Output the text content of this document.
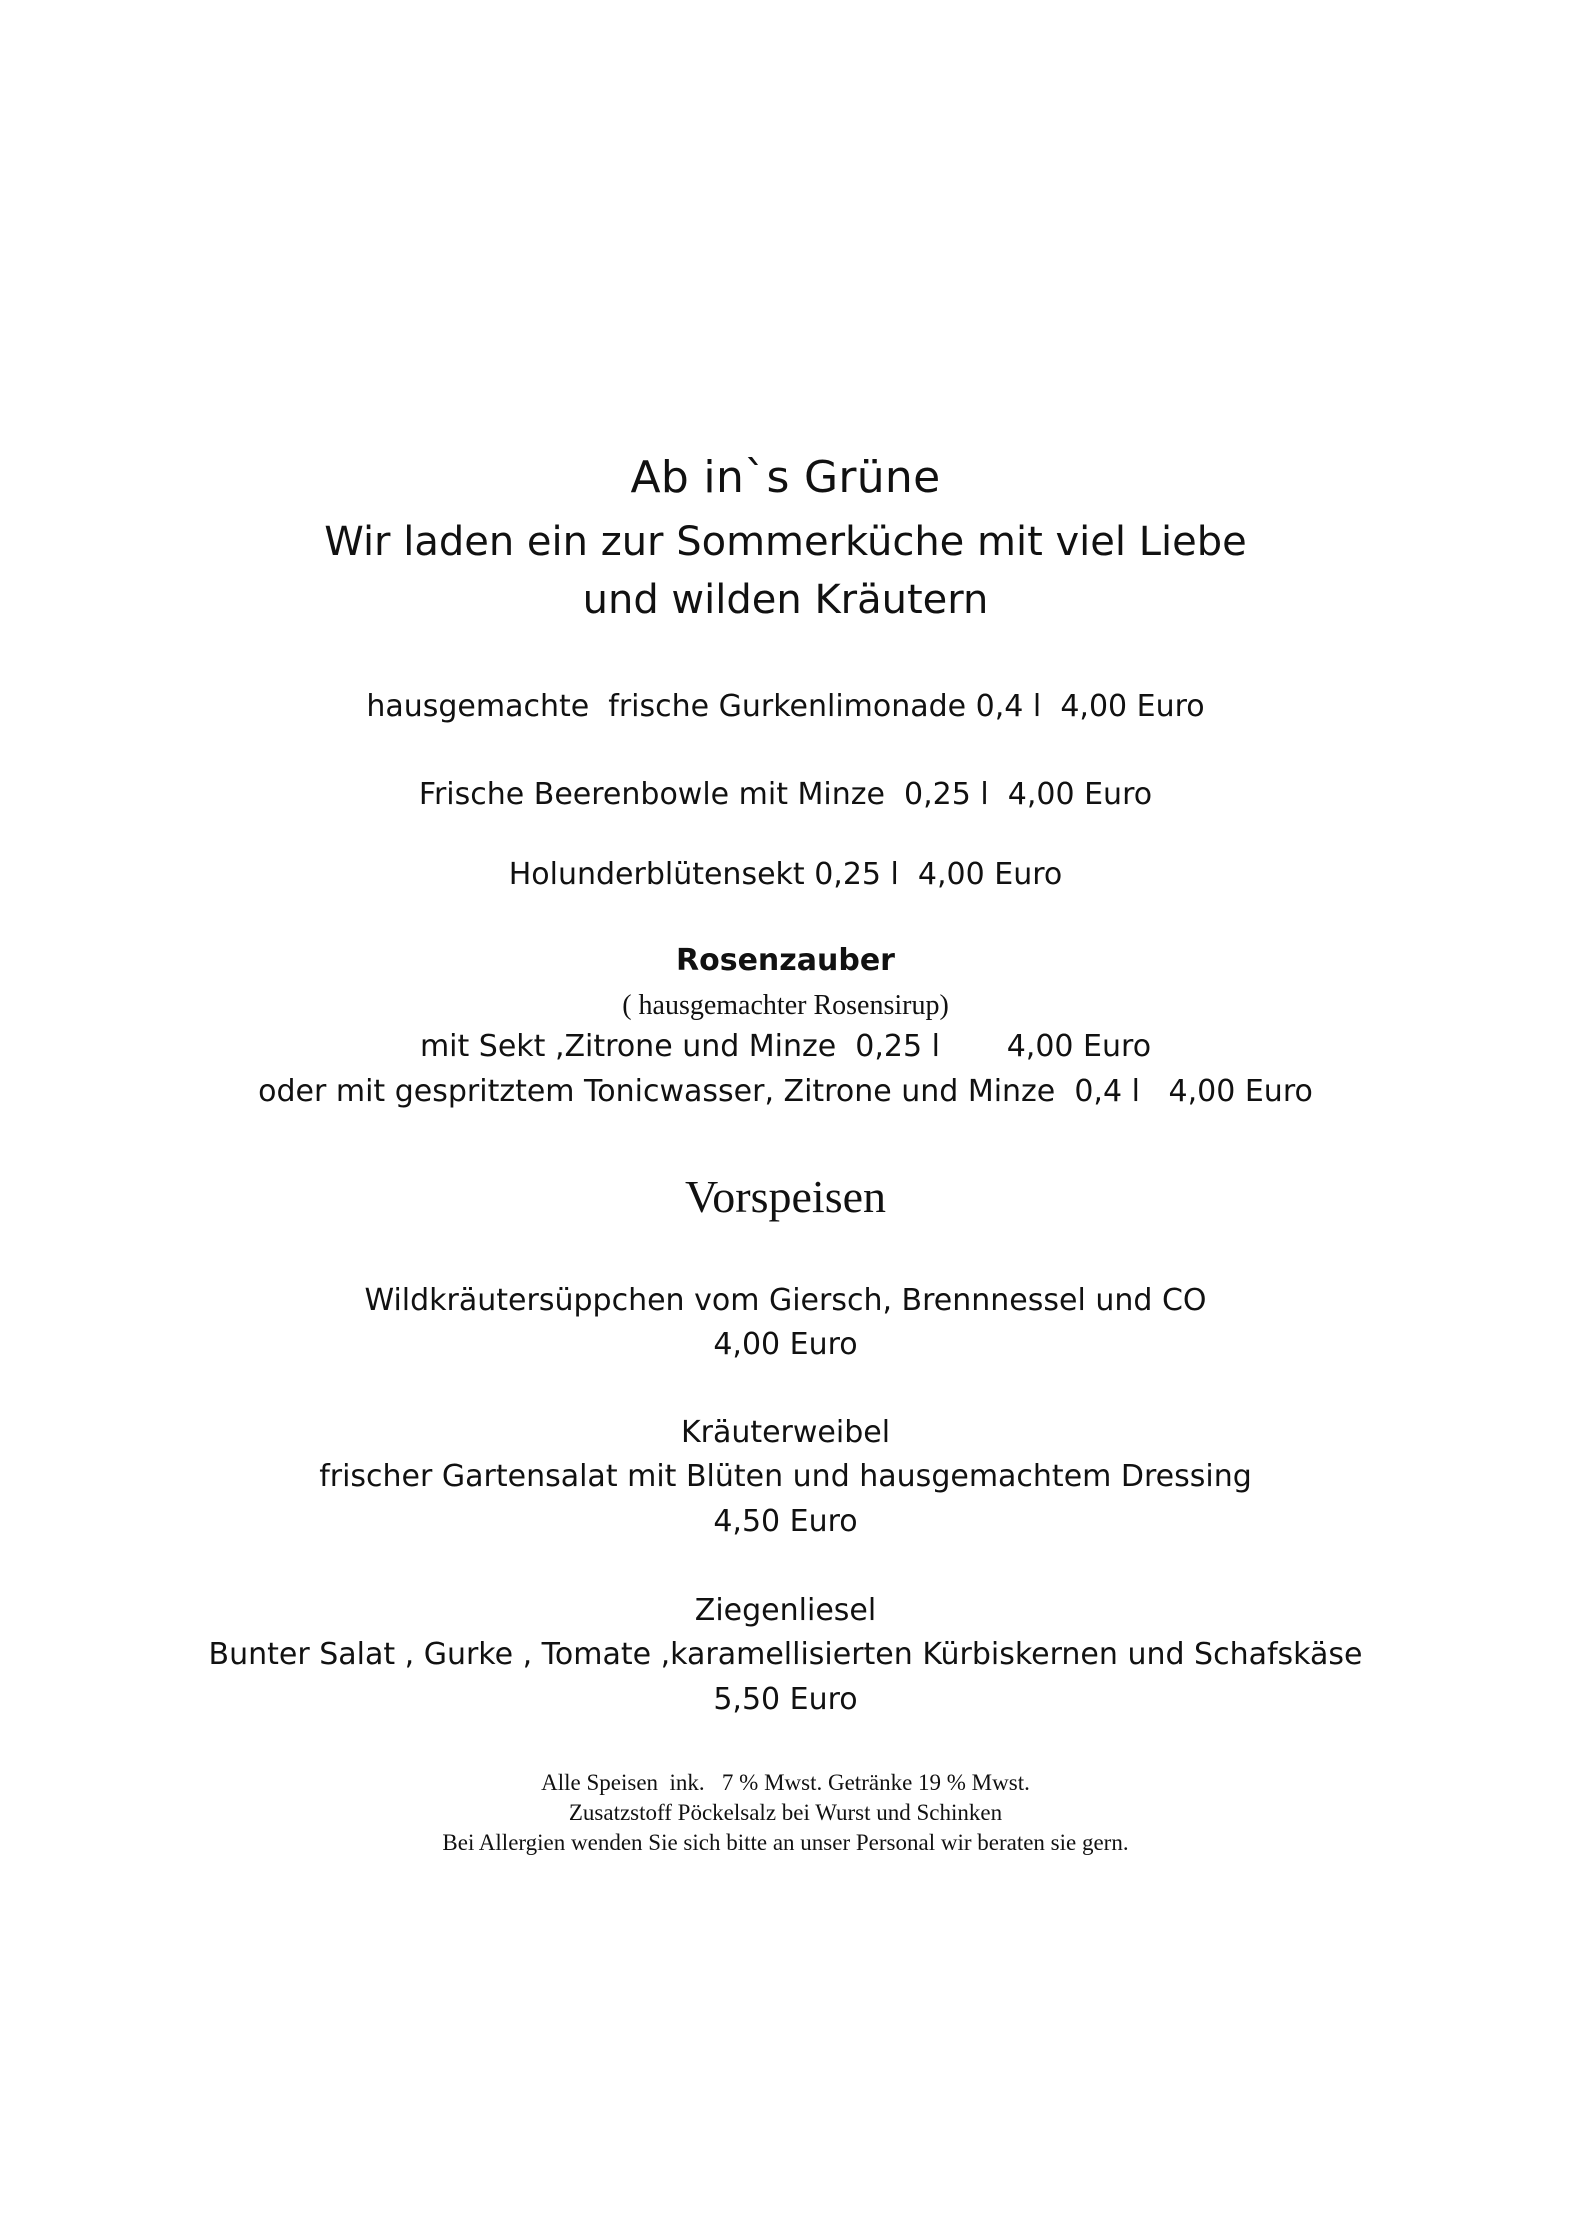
Ab in`s Grüne
Wir laden ein zur Sommerküche mit viel Liebe
und wilden Kräutern
hausgemachte  frische Gurkenlimonade 0,4 l  4,00 Euro
Frische Beerenbowle mit Minze  0,25 l  4,00 Euro
Holunderblütensekt 0,25 l  4,00 Euro
Rosenzauber
( hausgemachter Rosensirup)
mit Sekt ,Zitrone und Minze  0,25 l       4,00 Euro
oder mit gespritztem Tonicwasser, Zitrone und Minze  0,4 l   4,00 Euro
Vorspeisen
Wildkräutersüppchen vom Giersch, Brennnessel und CO
4,00 Euro
Kräuterweibel
frischer Gartensalat mit Blüten und hausgemachtem Dressing
4,50 Euro
Ziegenliesel
Bunter Salat , Gurke , Tomate ,karamellisierten Kürbiskernen und Schafskäse
5,50 Euro
Alle Speisen  ink.   7 % Mwst. Getränke 19 % Mwst.
Zusatzstoff Pöckelsalz bei Wurst und Schinken
Bei Allergien wenden Sie sich bitte an unser Personal wir beraten sie gern.
